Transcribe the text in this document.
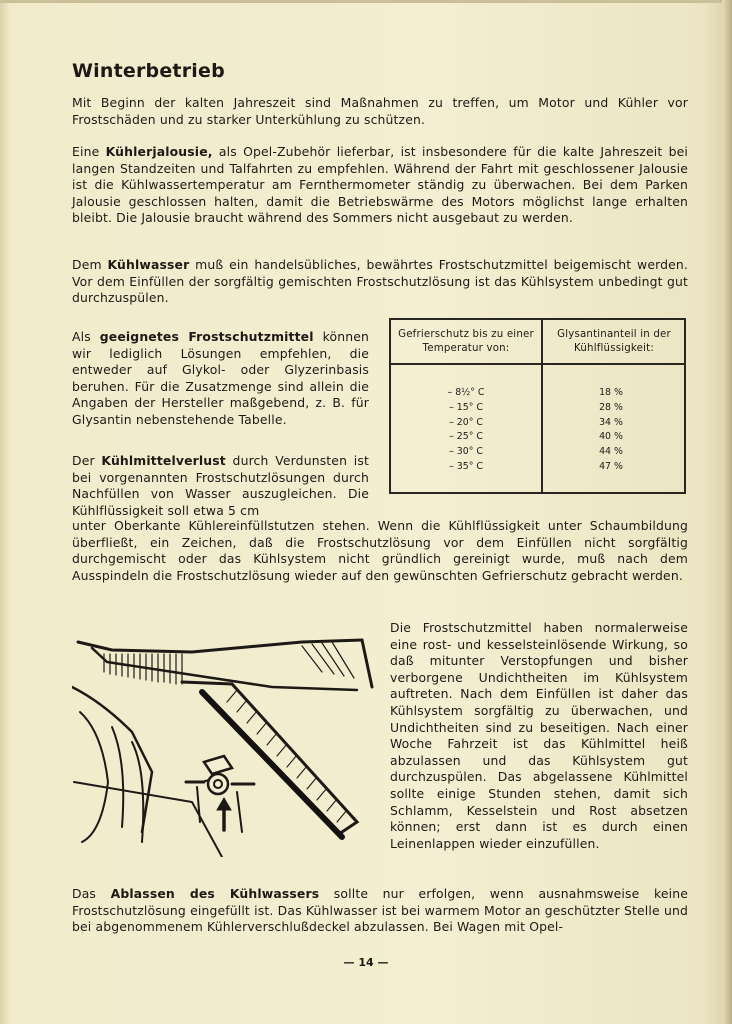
Winterbetrieb

Mit Beginn der kalten Jahreszeit sind Maßnahmen zu treffen, um Motor und Kühler vor Frostschäden und zu starker Unterkühlung zu schützen.

Eine Kühlerjalousie, als Opel-Zubehör lieferbar, ist insbesondere für die kalte Jahreszeit bei langen Standzeiten und Talfahrten zu empfehlen. Während der Fahrt mit geschlossener Jalousie ist die Kühlwassertemperatur am Fernthermometer ständig zu überwachen. Bei dem Parken Jalousie geschlossen halten, damit die Betriebswärme des Motors möglichst lange erhalten bleibt. Die Jalousie braucht während des Sommers nicht ausgebaut zu werden.

Dem Kühlwasser muß ein handelsübliches, bewährtes Frostschutzmittel beigemischt werden. Vor dem Einfüllen der sorgfältig gemischten Frostschutzlösung ist das Kühlsystem unbedingt gut durchzuspülen.

Als geeignetes Frostschutzmittel können wir lediglich Lösungen empfehlen, die entweder auf Glykol- oder Glyzerinbasis beruhen. Für die Zusatzmenge sind allein die Angaben der Hersteller maßgebend, z. B. für Glysantin nebenstehende Tabelle.

Der Kühlmittelverlust durch Verdunsten ist bei vorgenannten Frostschutzlösungen durch Nachfüllen von Wasser auszugleichen. Die Kühlflüssigkeit soll etwa 5 cm

unter Oberkante Kühlereinfüllstutzen stehen. Wenn die Kühlflüssigkeit unter Schaumbildung überfließt, ein Zeichen, daß die Frostschutzlösung vor dem Einfüllen nicht sorgfältig durchgemischt oder das Kühlsystem nicht gründlich gereinigt wurde, muß nach dem Ausspindeln die Frostschutzlösung wieder auf den gewünschten Gefrierschutz gebracht werden.

Gefrierschutz bis zu einer Temperatur von:
Glysantinanteil in der Kühlflüssigkeit:
– 8½° C
– 15° C
– 20° C
– 25° C
– 30° C
– 35° C
18 %
28 %
34 %
40 %
44 %
47 %

Die Frostschutzmittel haben normalerweise eine rost- und kesselsteinlösende Wirkung, so daß mitunter Verstopfungen und bisher verborgene Undichtheiten im Kühlsystem auftreten. Nach dem Einfüllen ist daher das Kühlsystem sorgfältig zu überwachen, und Undichtheiten sind zu beseitigen. Nach einer Woche Fahrzeit ist das Kühlmittel heiß abzulassen und das Kühlsystem gut durchzuspülen. Das abgelassene Kühlmittel sollte einige Stunden stehen, damit sich Schlamm, Kesselstein und Rost absetzen können; erst dann ist es durch einen Leinenlappen wieder einzufüllen.

Das Ablassen des Kühlwassers sollte nur erfolgen, wenn ausnahmsweise keine Frostschutzlösung eingefüllt ist. Das Kühlwasser ist bei warmem Motor an geschützter Stelle und bei abgenommenem Kühlerverschlußdeckel abzulassen. Bei Wagen mit Opel-

— 14 —
